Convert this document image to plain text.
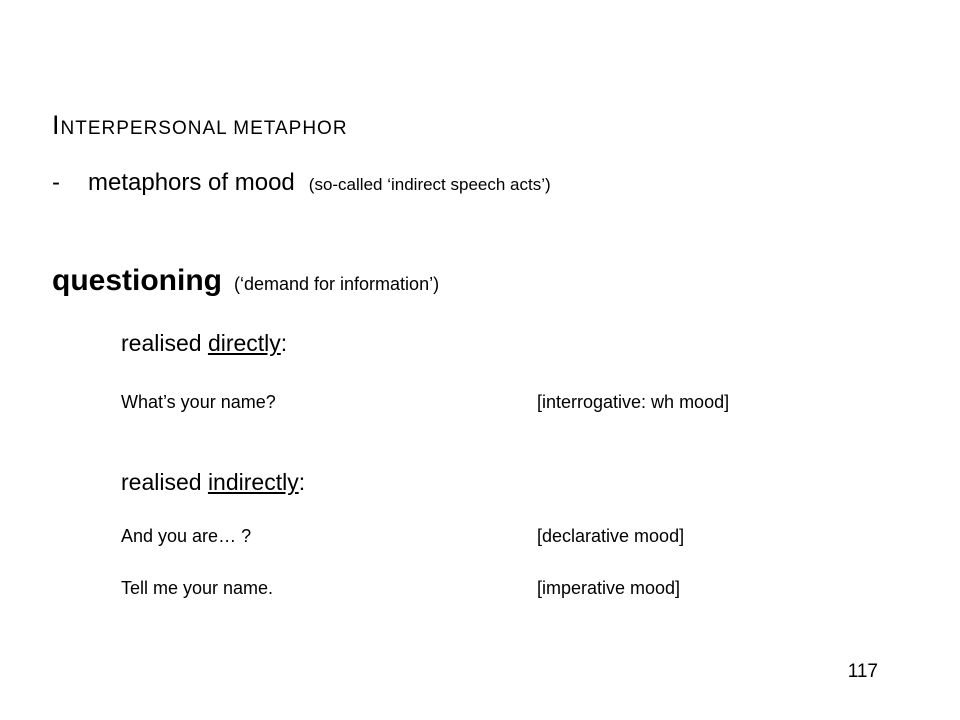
INTERPERSONAL METAPHOR
-	metaphors of mood (so-called ‘indirect speech acts’)
questioning (‘demand for information’)
realised directly:
What’s your name?	[interrogative: wh mood]
realised indirectly:
And you are… ?	[declarative mood]
Tell me your name.	[imperative mood]
117
